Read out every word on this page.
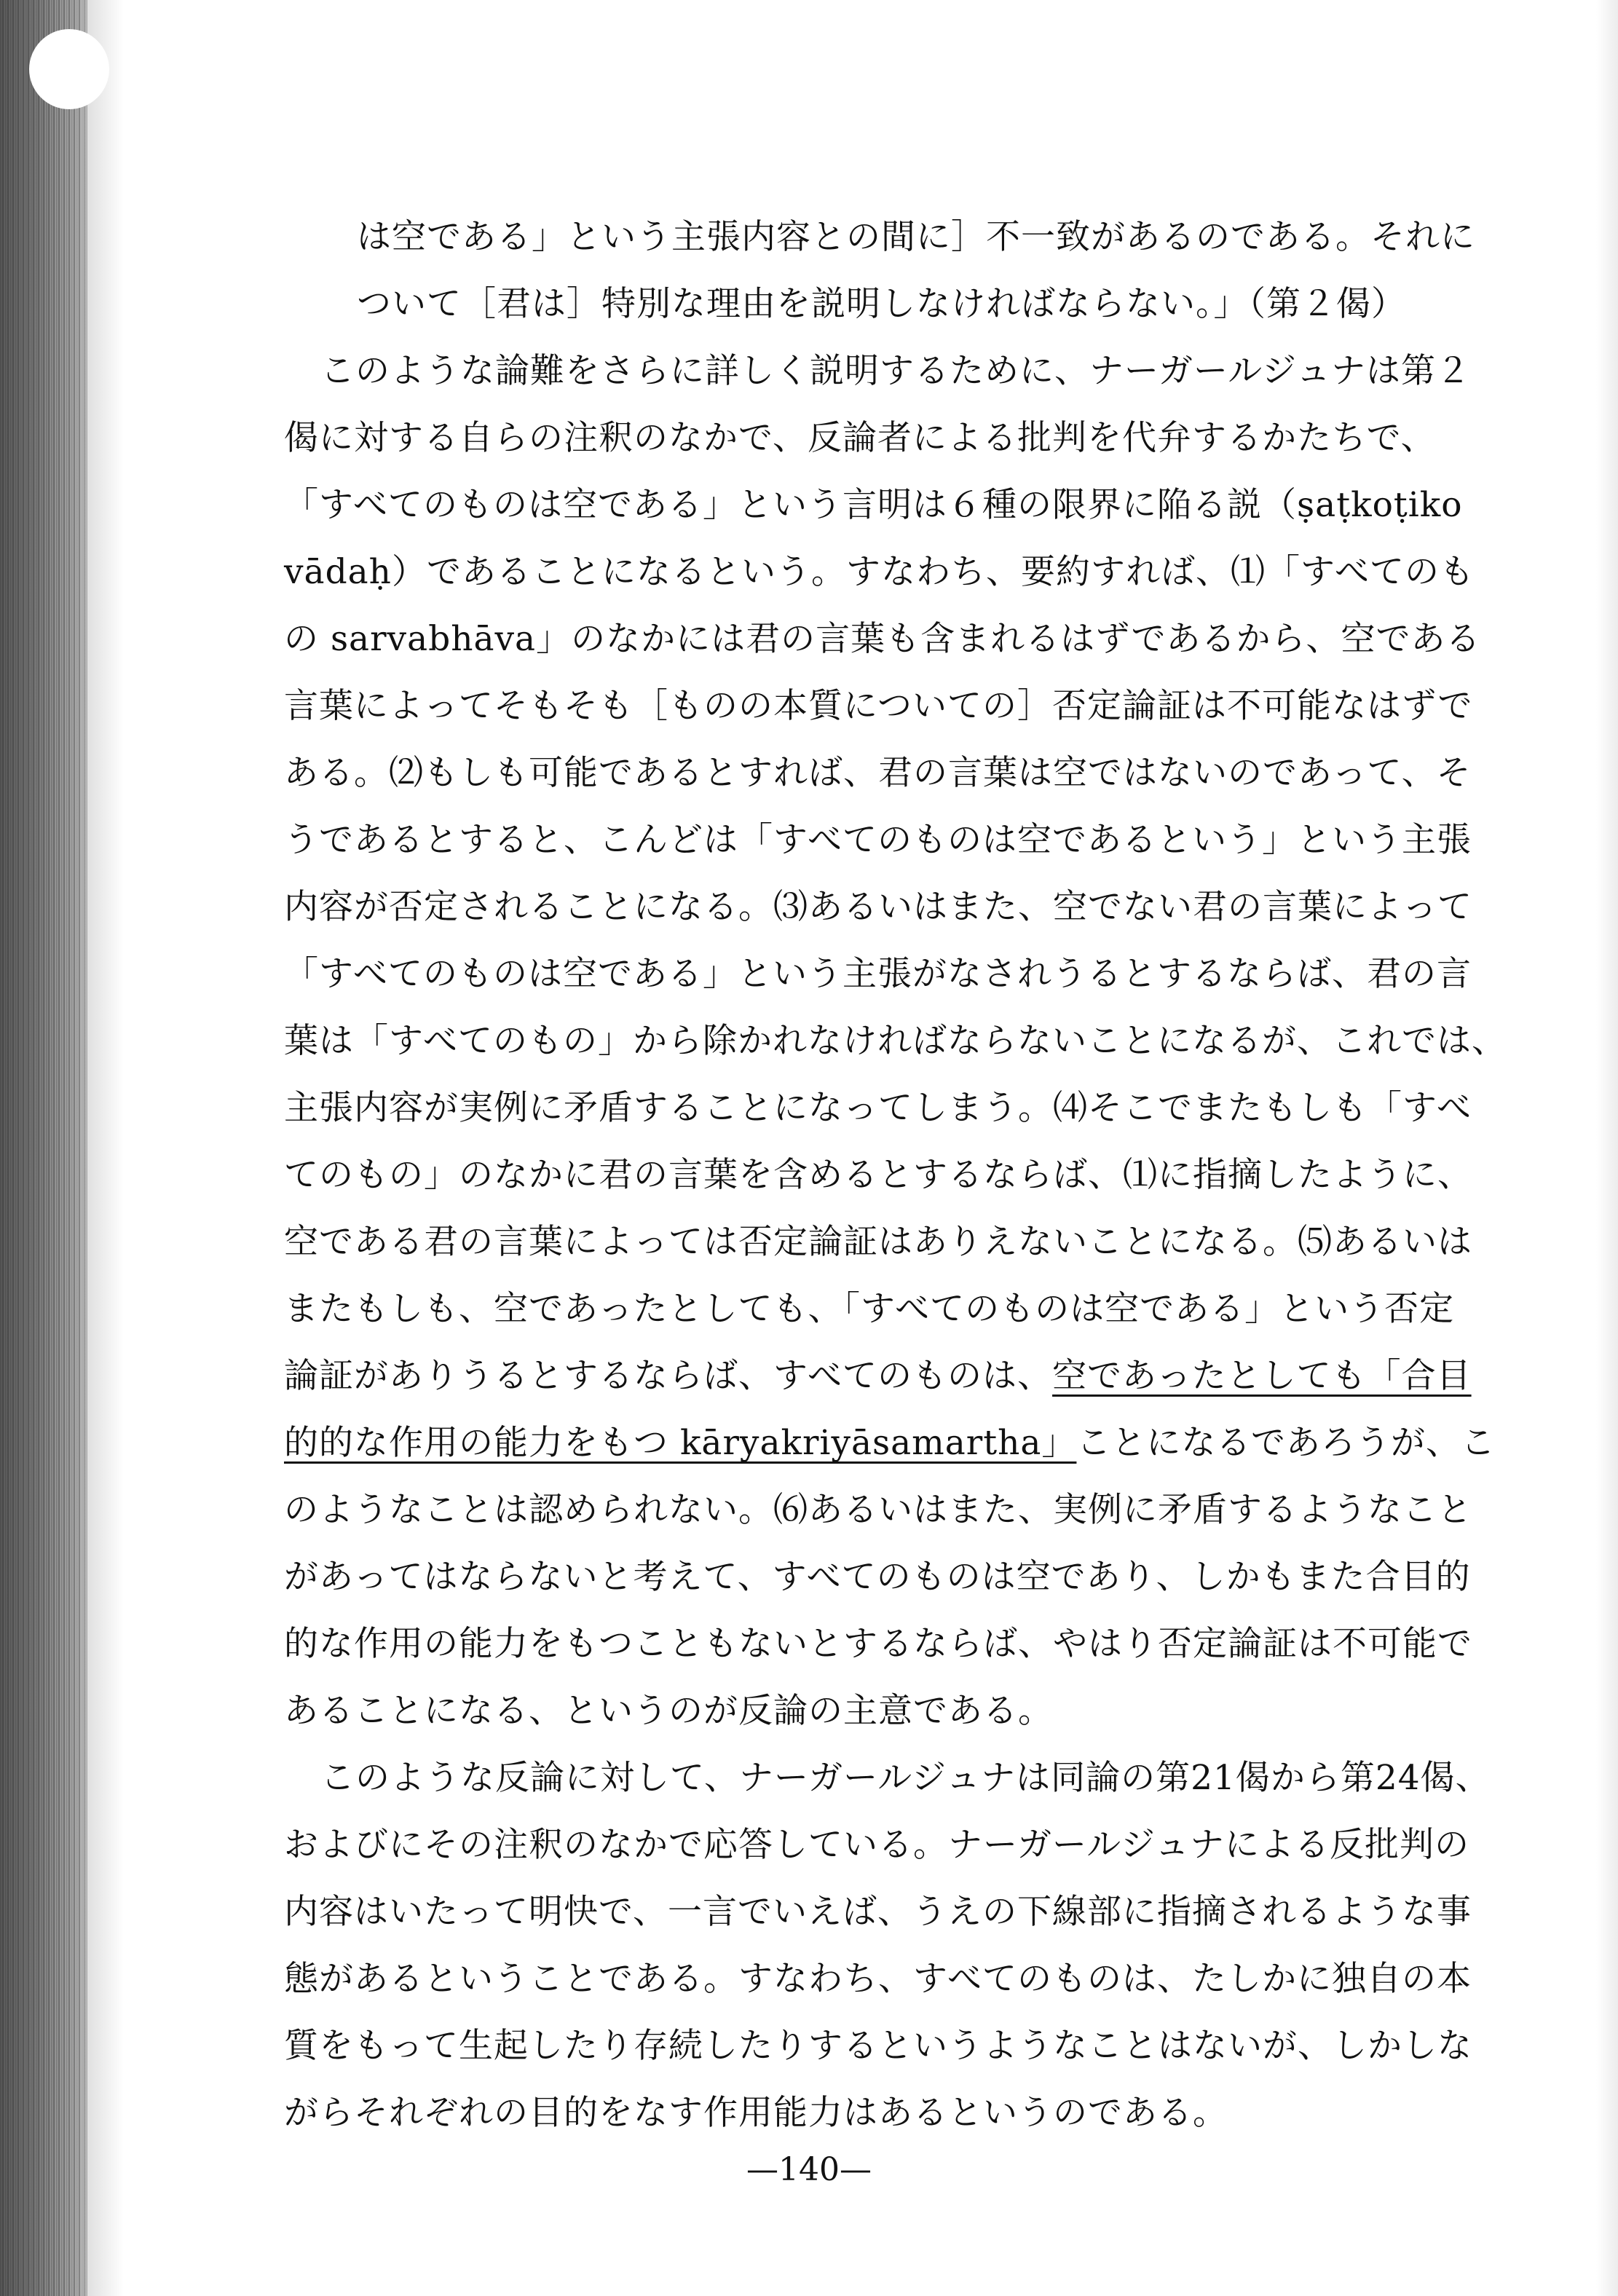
は空である」という主張内容との間に］不一致があるのである。それに
ついて［君は］特別な理由を説明しなければならない。」（第２偈）
このような論難をさらに詳しく説明するために、ナーガールジュナは第２
偈に対する自らの注釈のなかで、反論者による批判を代弁するかたちで、
「すべてのものは空である」という言明は６種の限界に陥る説（ṣaṭkoṭiko
vādaḥ）であることになるという。すなわち、要約すれば、⑴「すべてのも
の sarvabhāva」のなかには君の言葉も含まれるはずであるから、空である
言葉によってそもそも［ものの本質についての］否定論証は不可能なはずで
ある。⑵もしも可能であるとすれば、君の言葉は空ではないのであって、そ
うであるとすると、こんどは「すべてのものは空であるという」という主張
内容が否定されることになる。⑶あるいはまた、空でない君の言葉によって
「すべてのものは空である」という主張がなされうるとするならば、君の言
葉は「すべてのもの」から除かれなければならないことになるが、これでは、
主張内容が実例に矛盾することになってしまう。⑷そこでまたもしも「すべ
てのもの」のなかに君の言葉を含めるとするならば、⑴に指摘したように、
空である君の言葉によっては否定論証はありえないことになる。⑸あるいは
またもしも、空であったとしても、「すべてのものは空である」という否定
論証がありうるとするならば、すべてのものは、空であったとしても「合目
的的な作用の能力をもつ kāryakriyāsamartha」ことになるであろうが、こ
のようなことは認められない。⑹あるいはまた、実例に矛盾するようなこと
があってはならないと考えて、すべてのものは空であり、しかもまた合目的
的な作用の能力をもつこともないとするならば、やはり否定論証は不可能で
あることになる、というのが反論の主意である。
このような反論に対して、ナーガールジュナは同論の第21偈から第24偈、
およびにその注釈のなかで応答している。ナーガールジュナによる反批判の
内容はいたって明快で、一言でいえば、うえの下線部に指摘されるような事
態があるということである。すなわち、すべてのものは、たしかに独自の本
質をもって生起したり存続したりするというようなことはないが、しかしな
がらそれぞれの目的をなす作用能力はあるというのである。
—140—
